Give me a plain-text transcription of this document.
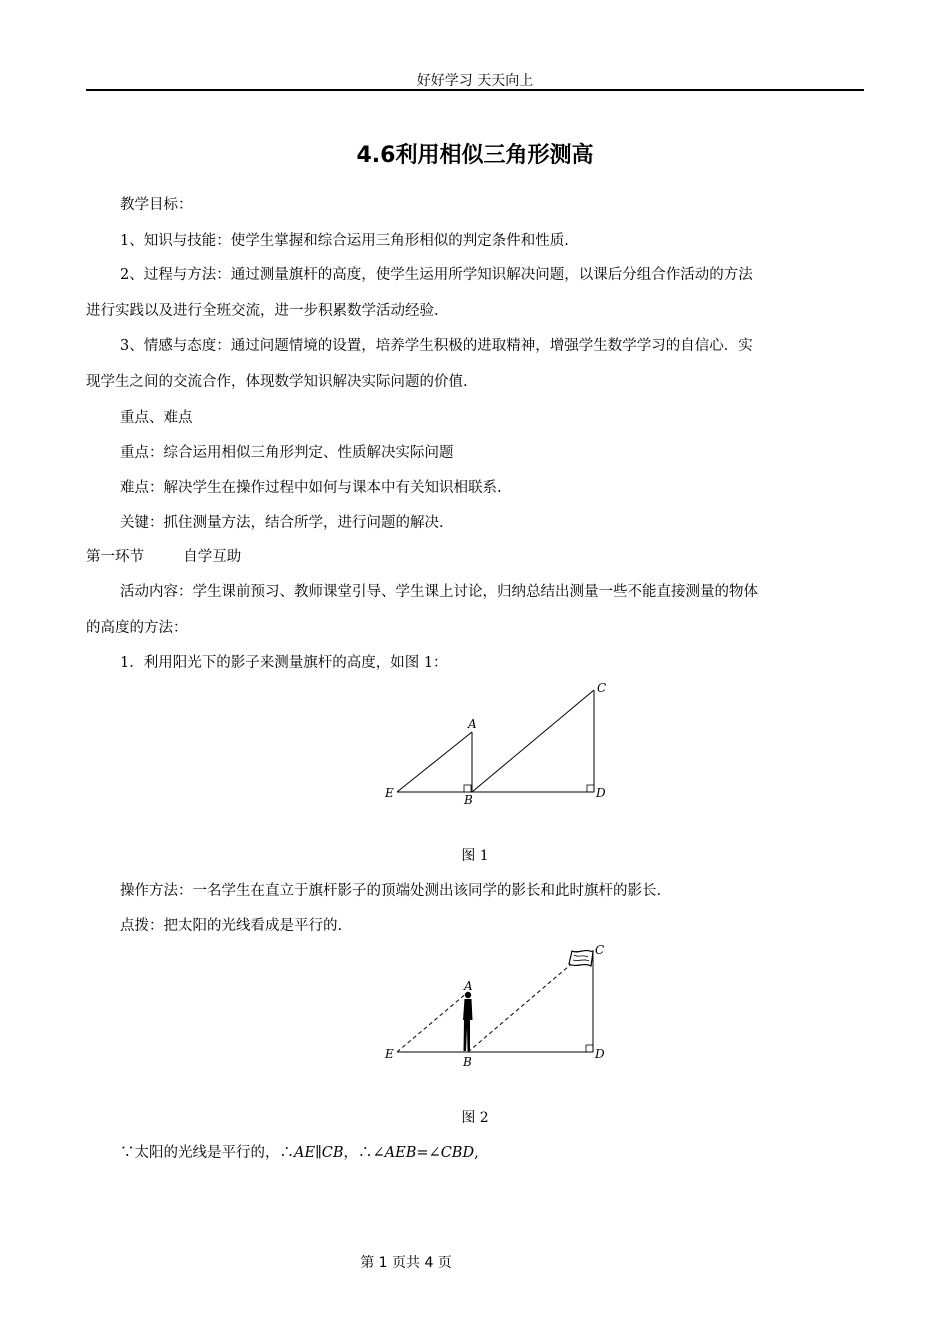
好好学习 天天向上
4.6利用相似三角形测高
教学目标：
1、知识与技能：使学生掌握和综合运用三角形相似的判定条件和性质.
2、过程与方法：通过测量旗杆的高度，使学生运用所学知识解决问题，以课后分组合作活动的方法
进行实践以及进行全班交流，进一步积累数学活动经验.
3、情感与态度：通过问题情境的设置，培养学生积极的进取精神，增强学生数学学习的自信心．实
现学生之间的交流合作，体现数学知识解决实际问题的价值.
重点、难点
重点：综合运用相似三角形判定、性质解决实际问题
难点：解决学生在操作过程中如何与课本中有关知识相联系.
关键：抓住测量方法，结合所学，进行问题的解决.
第一环节	自学互助
活动内容：学生课前预习、教师课堂引导、学生课上讨论，归纳总结出测量一些不能直接测量的物体
的高度的方法：
1．利用阳光下的影子来测量旗杆的高度，如图 1：
A
B
C
D
E
图 1
操作方法：一名学生在直立于旗杆影子的顶端处测出该同学的影长和此时旗杆的影长.
点拨：把太阳的光线看成是平行的.
A
B
C
D
E
图 2
∵太阳的光线是平行的，∴AE∥CB，∴∠AEB=∠CBD,
第 1 页共 4 页
